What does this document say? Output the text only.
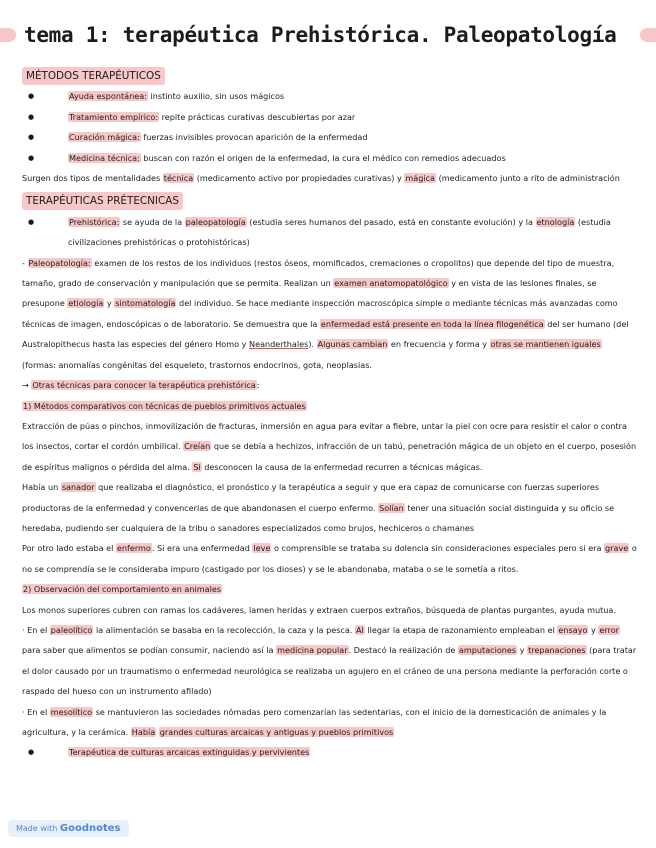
tema 1: terapéutica Prehistórica. Paleopatología
MÉTODOS TERAPÉUTICOS

● Ayuda espontánea: instinto auxilio, sin usos mágicos

● Tratamiento empírico: repite prácticas curativas descubiertas por azar

● Curación mágica: fuerzas invisibles provocan aparición de la enfermedad

● Medicina técnica: buscan con razón el origen de la enfermedad, la cura el médico con remedios adecuados

Surgen dos tipos de mentalidades técnica (medicamento activo por propiedades curativas) y mágica (medicamento junto a rito de administración

TERAPÉUTICAS PRÉTECNICAS

● Prehistórica: se ayuda de la paleopatología (estudia seres humanos del pasado, está en constante evolución) y la etnología (estudia civilizaciones prehistóricas o protohistóricas)

- Paleopatología: examen de los restos de los individuos (restos óseos, momificados, cremaciones o cropolitos) que depende del tipo de muestra, tamaño, grado de conservación y manipulación que se permita. Realizan un examen anatomopatológico y en vista de las lesiones finales, se presupone etiología y sintomatología del individuo. Se hace mediante inspección macroscópica simple o mediante técnicas más avanzadas como técnicas de imagen, endoscópicas o de laboratorio. Se demuestra que la enfermedad está presente en toda la línea filogenética del ser humano (del Australopithecus hasta las especies del género Homo y Neanderthales). Algunas cambian en frecuencia y forma y otras se mantienen iguales (formas: anomalías congénitas del esqueleto, trastornos endocrinos, gota, neoplasias.

→ Otras técnicas para conocer la terapéutica prehistórica:

1) Métodos comparativos con técnicas de pueblos primitivos actuales

Extracción de púas o pinchos, inmovilización de fracturas, inmersión en agua para evitar a fiebre, untar la piel con ocre para resistir el calor o contra los insectos, cortar el cordón umbilical. Creían que se debía a hechizos, infracción de un tabú, penetración mágica de un objeto en el cuerpo, posesión de espíritus malignos o pérdida del alma. Si desconocen la causa de la enfermedad recurren a técnicas mágicas.

Había un sanador que realizaba el diagnóstico, el pronóstico y la terapéutica a seguir y que era capaz de comunicarse con fuerzas superiores productoras de la enfermedad y convencerlas de que abandonasen el cuerpo enfermo. Solían tener una situación social distinguida y su oficio se heredaba, pudiendo ser cualquiera de la tribu o sanadores especializados como brujos, hechiceros o chamanes

Por otro lado estaba el enfermo. Si era una enfermedad leve o comprensible se trataba su dolencia sin consideraciones especiales pero si era grave o no se comprendía se le consideraba impuro (castigado por los dioses) y se le abandonaba, mataba o se le sometía a ritos.

2) Observación del comportamiento en animales

Los monos superiores cubren con ramas los cadáveres, lamen heridas y extraen cuerpos extraños, búsqueda de plantas purgantes, ayuda mutua.

· En el paleolítico la alimentación se basaba en la recolección, la caza y la pesca. Al llegar la etapa de razonamiento empleaban el ensayo y error para saber que alimentos se podían consumir, naciendo así la medicina popular. Destacó la realización de amputaciones y trepanaciones (para tratar el dolor causado por un traumatismo o enfermedad neurológica se realizaba un agujero en el cráneo de una persona mediante la perforación corte o raspado del hueso con un instrumento afilado)

· En el mesolítico se mantuvieron las sociedades nómadas pero comenzarían las sedentarias, con el inicio de la domesticación de animales y la agricultura, y la cerámica. Había grandes culturas arcaicas y antiguas y pueblos primitivos

● Terapéutica de culturas arcaicas extinguidas y pervivientes

Made with Goodnotes
